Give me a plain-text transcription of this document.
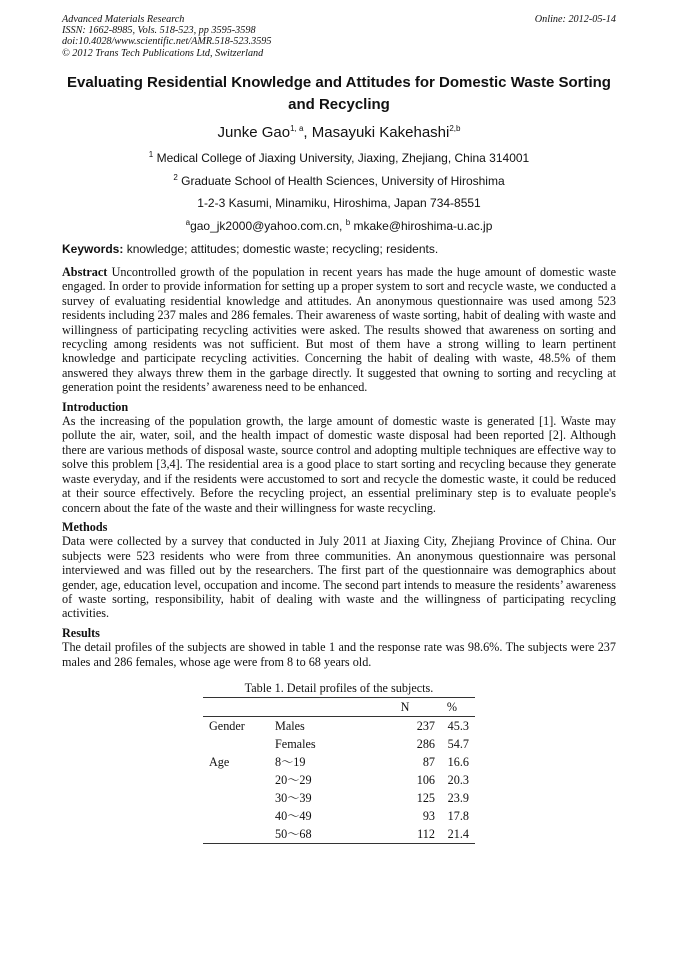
Advanced Materials Research
ISSN: 1662-8985, Vols. 518-523, pp 3595-3598
doi:10.4028/www.scientific.net/AMR.518-523.3595
© 2012 Trans Tech Publications Ltd, Switzerland
Online: 2012-05-14
Evaluating Residential Knowledge and Attitudes for Domestic Waste Sorting and Recycling
Junke Gao$^{1, a}$, Masayuki Kakehashi$^{2,b}$
$^1$ Medical College of Jiaxing University, Jiaxing, Zhejiang, China 314001
$^2$ Graduate School of Health Sciences, University of Hiroshima
1-2-3 Kasumi, Minamiku, Hiroshima, Japan 734-8551
$^a$gao_jk2000@yahoo.com.cn, $^b$ mkake@hiroshima-u.ac.jp
Keywords: knowledge; attitudes; domestic waste; recycling; residents.

Abstract Uncontrolled growth of the population in recent years has made the huge amount of domestic waste engaged. In order to provide information for setting up a proper system to sort and recycle waste, we conducted a survey of evaluating residential knowledge and attitudes. An anonymous questionnaire was used among 523 residents including 237 males and 286 females. Their awareness of waste sorting, habit of dealing with waste and willingness of participating recycling activities were asked. The results showed that awareness on sorting and recycling among residents was not sufficient. But most of them have a strong willing to learn pertinent knowledge and participate recycling activities. Concerning the habit of dealing with waste, 48.5% of them answered they always threw them in the garbage directly. It suggested that owning to sorting and recycling at generation point the residents’ awareness need to be enhanced.

Introduction

As the increasing of the population growth, the large amount of domestic waste is generated [1]. Waste may pollute the air, water, soil, and the health impact of domestic waste disposal had been reported [2]. Although there are various methods of disposal waste, source control and adopting multiple techniques are effective way to solve this problem [3,4]. The residential area is a good place to start sorting and recycling because they generate waste everyday, and if the residents were accustomed to sort and recycle the domestic waste, it could be reduced at their source effectively. Before the recycling project, an essential preliminary step is to evaluate people's concern about the fate of the waste and their willingness for waste recycling.

Methods

Data were collected by a survey that conducted in July 2011 at Jiaxing City, Zhejiang Province of China. Our subjects were 523 residents who were from three communities. An anonymous questionnaire was personal interviewed and was filled out by the researchers. The first part of the questionnaire was demographics about gender, age, education level, occupation and income. The second part intends to measure the residents’ awareness of waste sorting, responsibility, habit of dealing with waste and the willingness of participating recycling activities.

Results

The detail profiles of the subjects are showed in table 1 and the response rate was 98.6%. The subjects were 237 males and 286 females, whose age were from 8 to 68 years old.

Table 1. Detail profiles of the subjects.
		N	%
Gender	Males	237	45.3
	Females	286	54.7
Age	8～19	87	16.6
	20～29	106	20.3
	30～39	125	23.9
	40～49	93	17.8
	50～68	112	21.4
